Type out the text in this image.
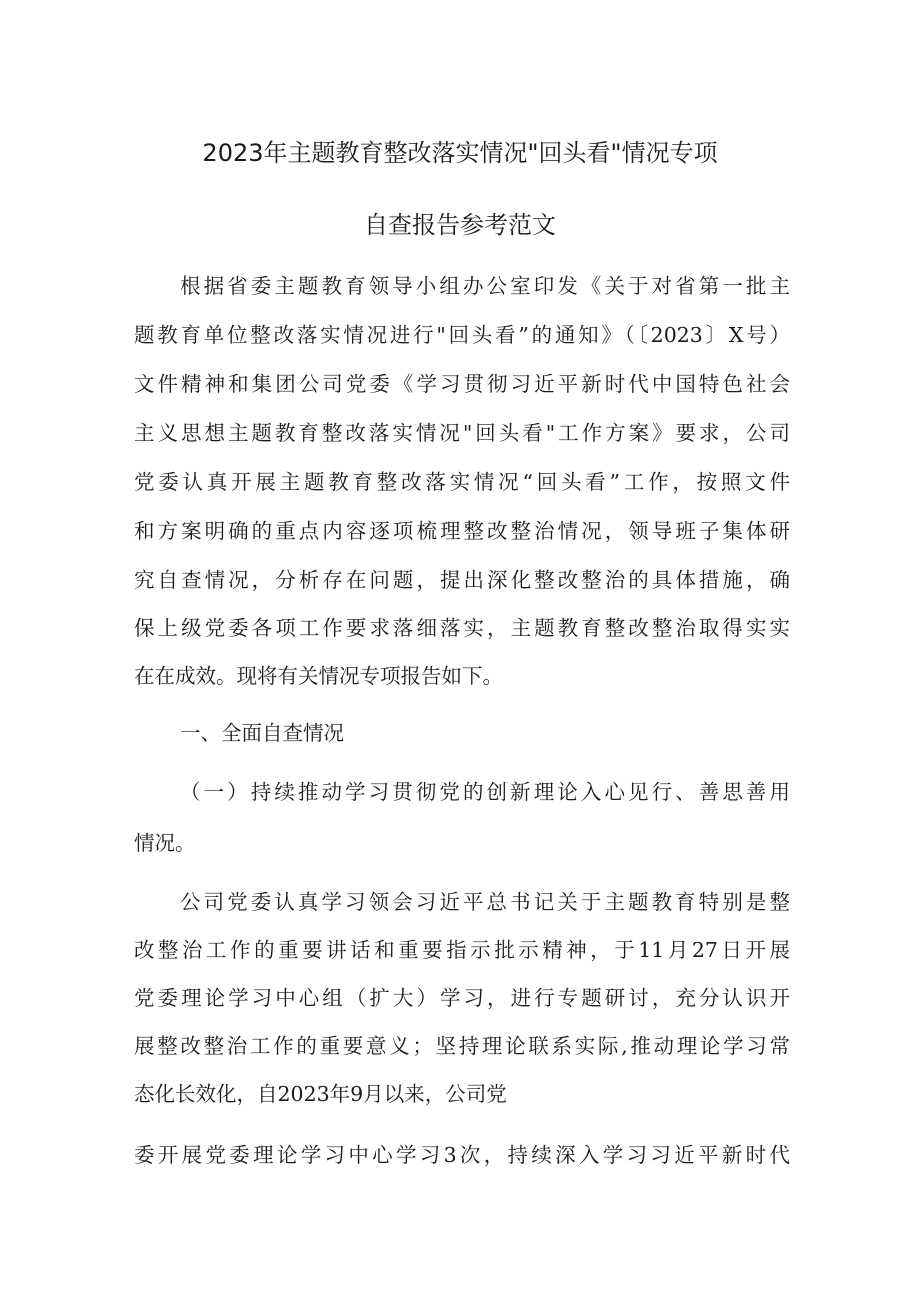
2023年主题教育整改落实情况"回头看"情况专项
自查报告参考范文

根据省委主题教育领导小组办公室印发《关于对省第一批主

题教育单位整改落实情况进行"回头看”的通知》（〔2023〕X号）

文件精神和集团公司党委《学习贯彻习近平新时代中国特色社会

主义思想主题教育整改落实情况"回头看"工作方案》要求，公司

党委认真开展主题教育整改落实情况“回头看”工作，按照文件

和方案明确的重点内容逐项梳理整改整治情况，领导班子集体研

究自查情况，分析存在问题，提出深化整改整治的具体措施，确

保上级党委各项工作要求落细落实，主题教育整改整治取得实实

在在成效。现将有关情况专项报告如下。

一、全面自查情况

（一）持续推动学习贯彻党的创新理论入心见行、善思善用

情况。

公司党委认真学习领会习近平总书记关于主题教育特别是整

改整治工作的重要讲话和重要指示批示精神，于11月27日开展

党委理论学习中心组（扩大）学习，进行专题研讨，充分认识开

展整改整治工作的重要意义；坚持理论联系实际,推动理论学习常

态化长效化，自2023年9月以来，公司党

委开展党委理论学习中心学习3次，持续深入学习习近平新时代
